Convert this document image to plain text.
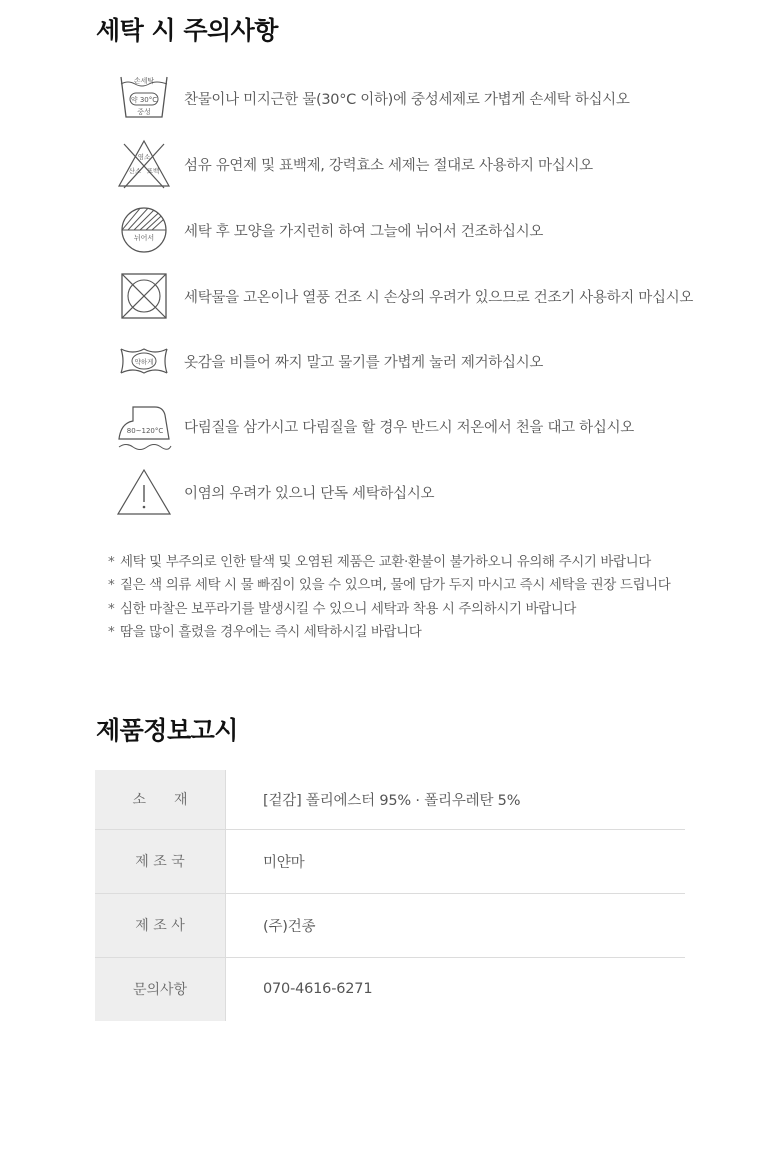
세탁 시 주의사항
손세탁
약 30°C
중성
찬물이나 미지근한 물(30°C 이하)에 중성세제로 가볍게 손세탁 하십시오
염소
산소 표백 섬유 유연제 및 표백제, 강력효소 세제는 절대로 사용하지 마십시오
뉘어서 세탁 후 모양을 가지런히 하여 그늘에 뉘어서 건조하십시오
세탁물을 고온이나 열풍 건조 시 손상의 우려가 있으므로 건조기 사용하지 마십시오
약하게 옷감을 비틀어 짜지 말고 물기를 가볍게 눌러 제거하십시오
80~120°C 다림질을 삼가시고 다림질을 할 경우 반드시 저온에서 천을 대고 하십시오
이염의 우려가 있으니 단독 세탁하십시오
* 세탁 및 부주의로 인한 탈색 및 오염된 제품은 교환·환불이 불가하오니 유의해 주시기 바랍니다
* 짙은 색 의류 세탁 시 물 빠짐이 있을 수 있으며, 물에 담가 두지 마시고 즉시 세탁을 권장 드립니다
* 심한 마찰은 보푸라기를 발생시킬 수 있으니 세탁과 착용 시 주의하시기 바랍니다
* 땀을 많이 흘렸을 경우에는 즉시 세탁하시길 바랍니다
제품정보고시
소　　재	[겉감] 폴리에스터 95% · 폴리우레탄 5%
제 조 국	미얀마
제 조 사	(주)건종
문의사항	070-4616-6271
